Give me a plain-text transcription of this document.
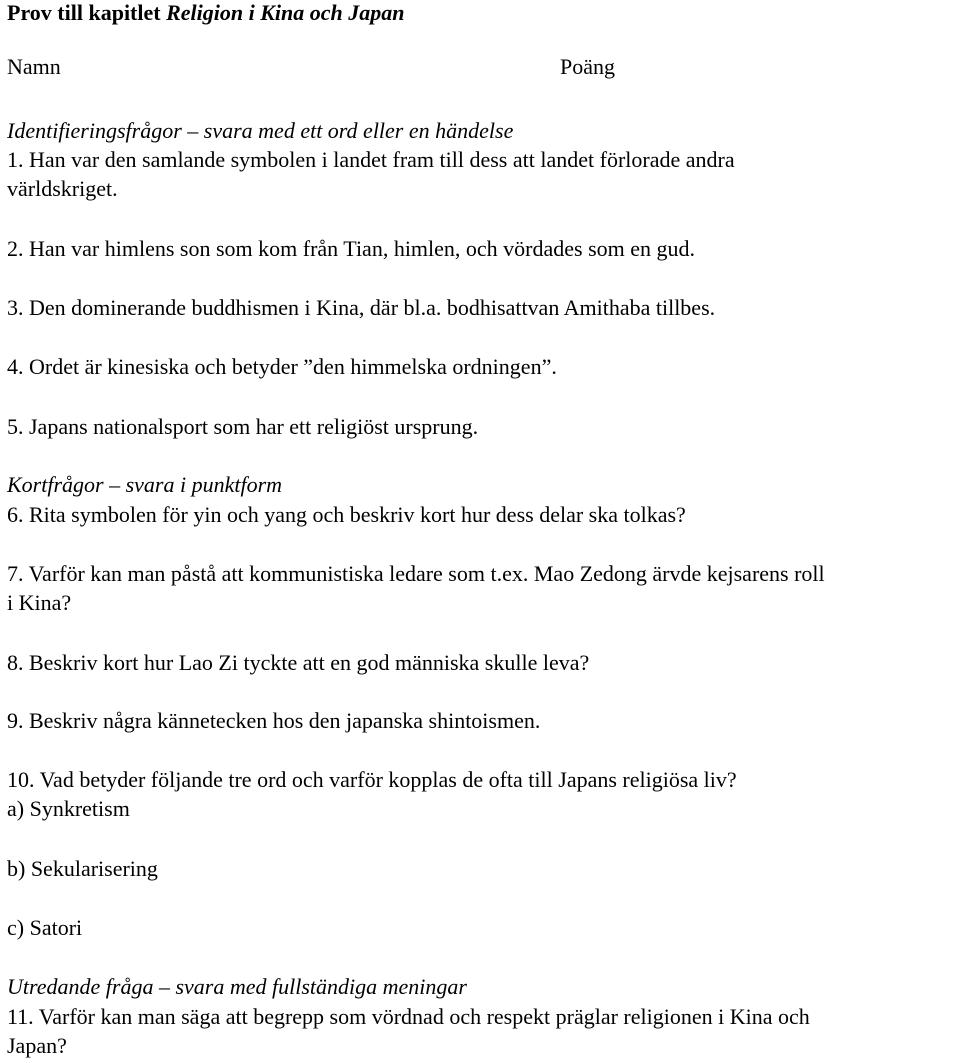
Prov till kapitlet Religion i Kina och Japan
Namn	Poäng
Identifieringsfrågor – svara med ett ord eller en händelse
1. Han var den samlande symbolen i landet fram till dess att landet förlorade andra
världskriget.
2. Han var himlens son som kom från Tian, himlen, och vördades som en gud.
3. Den dominerande buddhismen i Kina, där bl.a. bodhisattvan Amithaba tillbes.
4. Ordet är kinesiska och betyder ”den himmelska ordningen”.
5. Japans nationalsport som har ett religiöst ursprung.
Kortfrågor – svara i punktform
6. Rita symbolen för yin och yang och beskriv kort hur dess delar ska tolkas?
7. Varför kan man påstå att kommunistiska ledare som t.ex. Mao Zedong ärvde kejsarens roll
i Kina?
8. Beskriv kort hur Lao Zi tyckte att en god människa skulle leva?
9. Beskriv några kännetecken hos den japanska shintoismen.
10. Vad betyder följande tre ord och varför kopplas de ofta till Japans religiösa liv?
a) Synkretism
b) Sekularisering
c) Satori
Utredande fråga – svara med fullständiga meningar
11. Varför kan man säga att begrepp som vördnad och respekt präglar religionen i Kina och
Japan?
